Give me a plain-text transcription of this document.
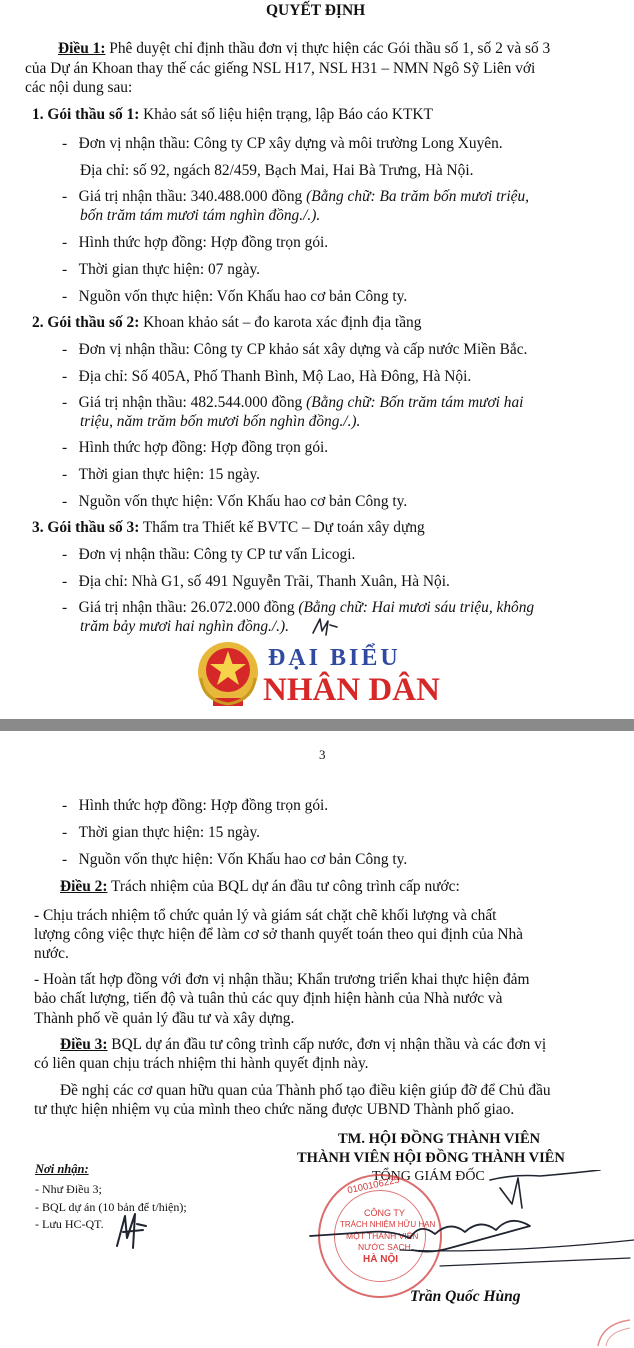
QUYẾT ĐỊNH
Điều 1: Phê duyệt chỉ định thầu đơn vị thực hiện các Gói thầu số 1, số 2 và số 3
của Dự án Khoan thay thế các giếng NSL H17, NSL H31 – NMN Ngô Sỹ Liên với
các nội dung sau:
1. Gói thầu số 1: Khảo sát số liệu hiện trạng, lập Báo cáo KTKT
-   Đơn vị nhận thầu: Công ty CP xây dựng và môi trường Long Xuyên.
Địa chỉ: số 92, ngách 82/459, Bạch Mai, Hai Bà Trưng, Hà Nội.
-   Giá trị nhận thầu: 340.488.000 đồng (Bằng chữ: Ba trăm bốn mươi triệu,
bốn trăm tám mươi tám nghìn đồng./.).
-   Hình thức hợp đồng: Hợp đồng trọn gói.
-   Thời gian thực hiện: 07 ngày.
-   Nguồn vốn thực hiện: Vốn Khấu hao cơ bản Công ty.
2. Gói thầu số 2: Khoan khảo sát – đo karota xác định địa tầng
-   Đơn vị nhận thầu: Công ty CP khảo sát xây dựng và cấp nước Miền Bắc.
-   Địa chỉ: Số 405A, Phố Thanh Bình, Mộ Lao, Hà Đông, Hà Nội.
-   Giá trị nhận thầu: 482.544.000 đồng (Bằng chữ: Bốn trăm tám mươi hai
triệu, năm trăm bốn mươi bốn nghìn đồng./.).
-   Hình thức hợp đồng: Hợp đồng trọn gói.
-   Thời gian thực hiện: 15 ngày.
-   Nguồn vốn thực hiện: Vốn Khấu hao cơ bản Công ty.
3. Gói thầu số 3: Thẩm tra Thiết kế BVTC – Dự toán xây dựng
-   Đơn vị nhận thầu: Công ty CP tư vấn Licogi.
-   Địa chỉ: Nhà G1, số 491 Nguyễn Trãi, Thanh Xuân, Hà Nội.
-   Giá trị nhận thầu: 26.072.000 đồng (Bằng chữ: Hai mươi sáu triệu, không
trăm bảy mươi hai nghìn đồng./.).
ĐẠI BIỂU
NHÂN DÂN
3
-   Hình thức hợp đồng: Hợp đồng trọn gói.
-   Thời gian thực hiện: 15 ngày.
-   Nguồn vốn thực hiện: Vốn Khấu hao cơ bản Công ty.
Điều 2: Trách nhiệm của BQL dự án đầu tư công trình cấp nước:
- Chịu trách nhiệm tổ chức quản lý và giám sát chặt chẽ khối lượng và chất
lượng công việc thực hiện để làm cơ sở thanh quyết toán theo qui định của Nhà
nước.
- Hoàn tất hợp đồng với đơn vị nhận thầu; Khẩn trương triển khai thực hiện đảm
bảo chất lượng, tiến độ và tuân thủ các quy định hiện hành của Nhà nước và
Thành phố về quản lý đầu tư và xây dựng.
Điều 3: BQL dự án đầu tư công trình cấp nước, đơn vị nhận thầu và các đơn vị
có liên quan chịu trách nhiệm thi hành quyết định này.
Đề nghị các cơ quan hữu quan của Thành phố tạo điều kiện giúp đỡ để Chủ đầu
tư thực hiện nhiệm vụ của mình theo chức năng được UBND Thành phố giao.
TM. HỘI ĐỒNG THÀNH VIÊN
THÀNH VIÊN HỘI ĐỒNG THÀNH VIÊN
TỔNG GIÁM ĐỐC
Nơi nhận:
- Như Điều 3;
- BQL dự án (10 bản để t/hiện);
- Lưu HC-QT.
0100106225
CÔNG TY
TRÁCH NHIỆM HỮU HẠN
MỘT THÀNH VIÊN
NƯỚC SẠCH
HÀ NỘI
Trần Quốc Hùng
